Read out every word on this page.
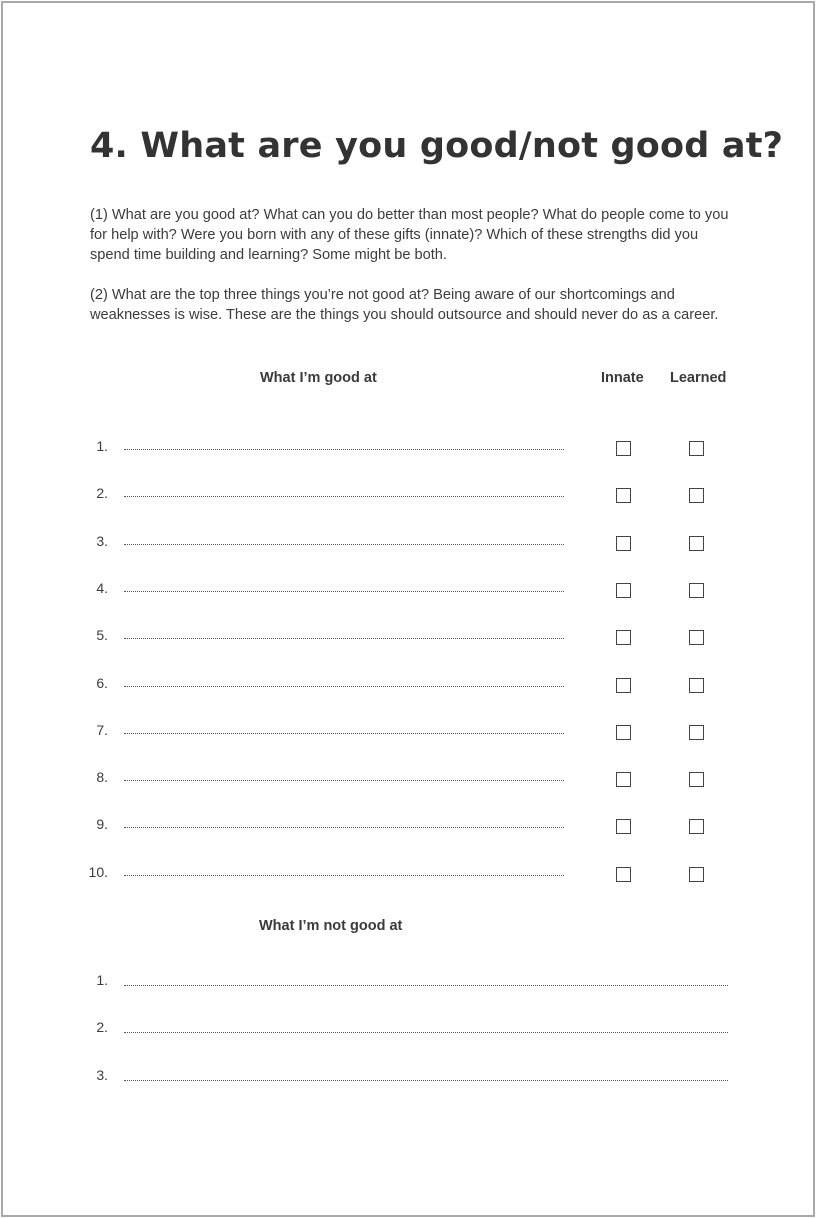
4. What are you good/not good at?

(1) What are you good at? What can you do better than most people? What do people come to you for help with? Were you born with any of these gifts (innate)? Which of these strengths did you spend time building and learning? Some might be both.

(2) What are the top three things you’re not good at? Being aware of our shortcomings and weaknesses is wise. These are the things you should outsource and should never do as a career.

What I’m good at	Innate Learned
1.
2.
3.
4.
5.
6.
7.
8.
9.
10.
What I’m not good at
1.
2.
3.
